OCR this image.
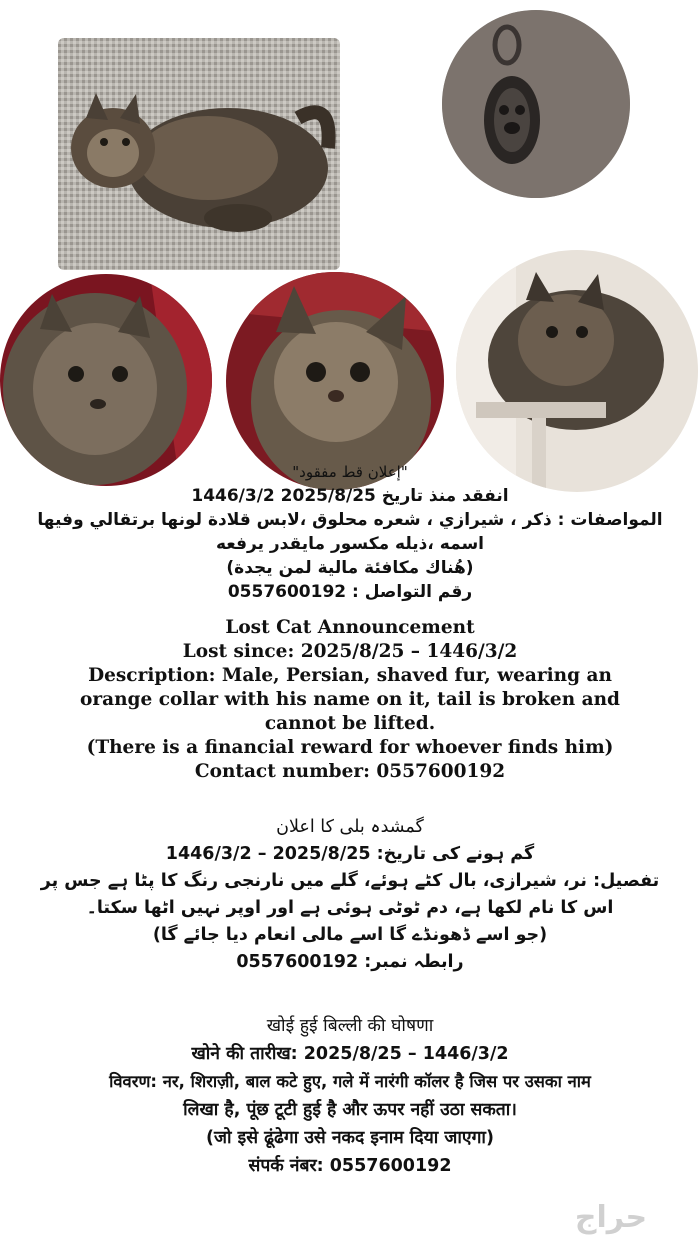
"إعلان قط مفقود"
انفقد منذ تاريخ 2025/8/25 1446/3/2
المواصفات : ذكر ، شيرازي ، شعره محلوق ،لابس قلادة لونها برتقالي وفيها
اسمه ،ذيله مكسور مايقدر يرفعه
(هُناك مكافئة مالية لمن يجدة)
رقم التواصل : 0557600192
Lost Cat Announcement
Lost since: 2025/8/25 – 1446/3/2
Description: Male, Persian, shaved fur, wearing an
orange collar with his name on it, tail is broken and
cannot be lifted.
(There is a financial reward for whoever finds him)
Contact number: 0557600192
گمشدہ بلی کا اعلان
گم ہونے کی تاریخ: 2025/8/25 – 1446/3/2
تفصیل: نر، شیرازی، بال کٹے ہوئے، گلے میں نارنجی رنگ کا پٹا ہے جس پر
اس کا نام لکھا ہے، دم ٹوٹی ہوئی ہے اور اوپر نہیں اٹھا سکتا۔
(جو اسے ڈھونڈے گا اسے مالی انعام دیا جائے گا)
رابطہ نمبر: 0557600192
खोई हुई बिल्ली की घोषणा
खोने की तारीख: 2025/8/25 – 1446/3/2
विवरण: नर, शिराज़ी, बाल कटे हुए, गले में नारंगी कॉलर है जिस पर उसका नाम
लिखा है, पूंछ टूटी हुई है और ऊपर नहीं उठा सकता।
(जो इसे ढूंढेगा उसे नकद इनाम दिया जाएगा)
संपर्क नंबर: 0557600192
حراج
